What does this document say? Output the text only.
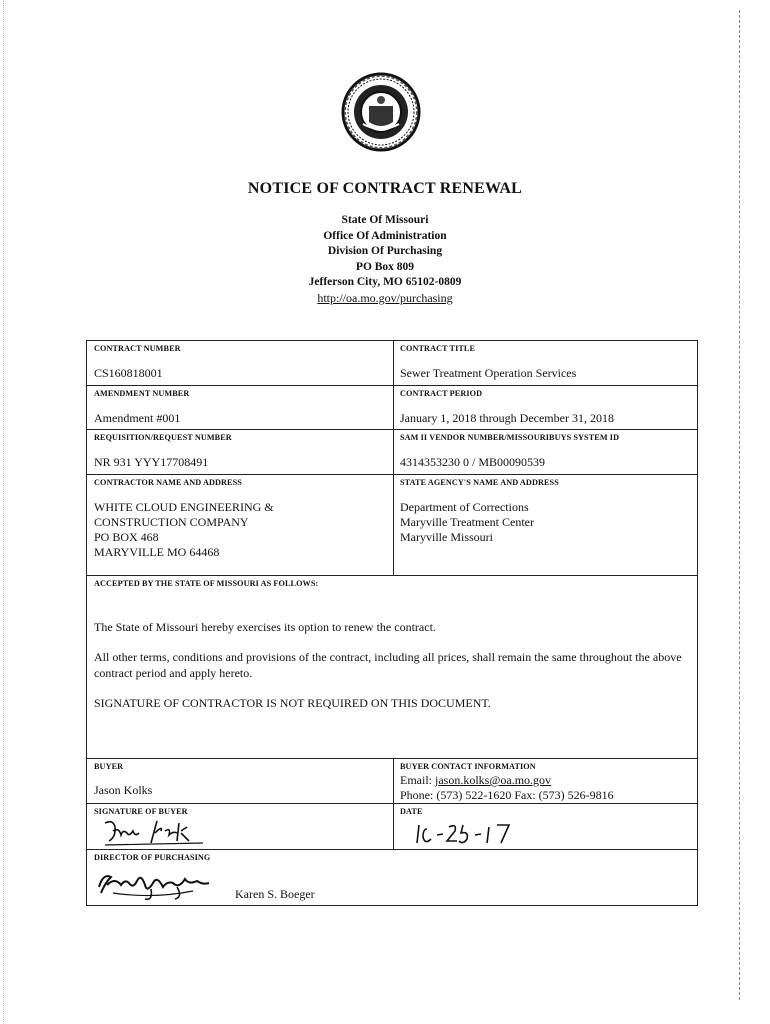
NOTICE OF CONTRACT RENEWAL
State Of Missouri
Office Of Administration
Division Of Purchasing
PO Box 809
Jefferson City, MO 65102-0809
http://oa.mo.gov/purchasing
CONTRACT NUMBER
CS160818001
CONTRACT TITLE
Sewer Treatment Operation Services
AMENDMENT NUMBER
Amendment #001
CONTRACT PERIOD
January 1, 2018 through December 31, 2018
REQUISITION/REQUEST NUMBER
NR 931 YYY17708491
SAM II VENDOR NUMBER/MISSOURIBUYS SYSTEM ID
4314353230 0 / MB00090539
CONTRACTOR NAME AND ADDRESS
WHITE CLOUD ENGINEERING &
CONSTRUCTION COMPANY
PO BOX 468
MARYVILLE MO 64468
STATE AGENCY'S NAME AND ADDRESS
Department of Corrections
Maryville Treatment Center
Maryville Missouri
ACCEPTED BY THE STATE OF MISSOURI AS FOLLOWS:
The State of Missouri hereby exercises its option to renew the contract.
All other terms, conditions and provisions of the contract, including all prices, shall remain the same throughout the above contract period and apply hereto.
SIGNATURE OF CONTRACTOR IS NOT REQUIRED ON THIS DOCUMENT.
BUYER
Jason Kolks
BUYER CONTACT INFORMATION
Email: jason.kolks@oa.mo.gov
Phone: (573) 522-1620 Fax: (573) 526-9816
SIGNATURE OF BUYER	DATE
DIRECTOR OF PURCHASING
Karen S. Boeger
